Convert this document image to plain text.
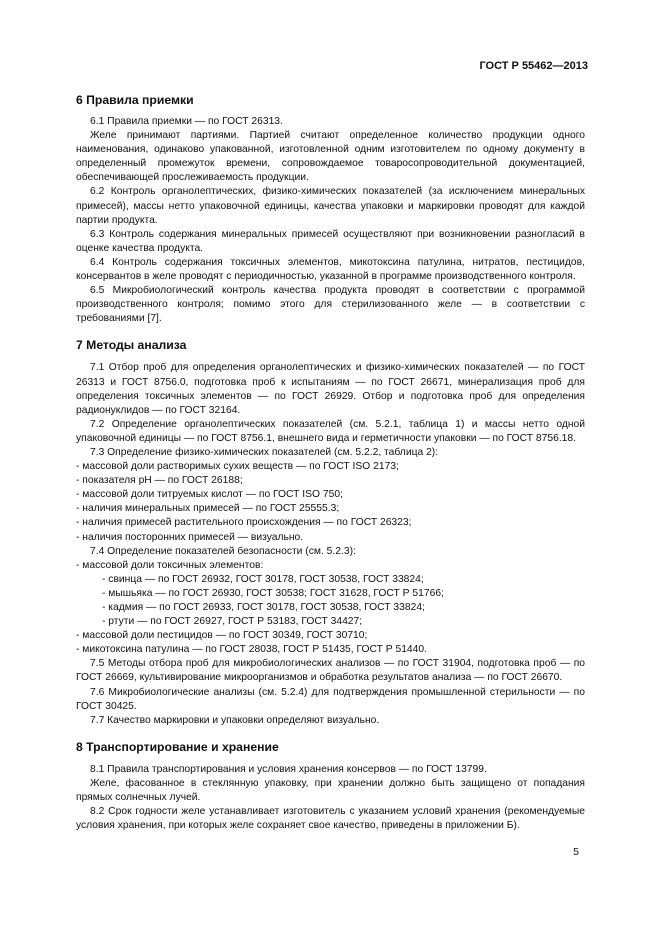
ГОСТ Р 55462—2013
6 Правила приемки

6.1 Правила приемки — по ГОСТ 26313.

Желе принимают партиями. Партией считают определенное количество продукции одного наименования, одинаково упакованной, изготовленной одним изготовителем по одному документу в определенный промежуток времени, сопровождаемое товаросопроводительной документацией, обеспечивающей прослеживаемость продукции.

6.2 Контроль органолептических, физико-химических показателей (за исключением минеральных примесей), массы нетто упаковочной единицы, качества упаковки и маркировки проводят для каждой партии продукта.

6.3 Контроль содержания минеральных примесей осуществляют при возникновении разногласий в оценке качества продукта.

6.4 Контроль содержания токсичных элементов, микотоксина патулина, нитратов, пестицидов, консервантов в желе проводят с периодичностью, указанной в программе производственного контроля.

6.5 Микробиологический контроль качества продукта проводят в соответствии с программой производственного контроля; помимо этого для стерилизованного желе — в соответствии с требованиями [7].

7 Методы анализа

7.1 Отбор проб для определения органолептических и физико-химических показателей — по ГОСТ 26313 и ГОСТ 8756.0, подготовка проб к испытаниям — по ГОСТ 26671, минерализация проб для определения токсичных элементов — по ГОСТ 26929. Отбор и подготовка проб для определения радионуклидов — по ГОСТ 32164.

7.2 Определение органолептических показателей (см. 5.2.1, таблица 1) и массы нетто одной упаковочной единицы — по ГОСТ 8756.1, внешнего вида и герметичности упаковки — по ГОСТ 8756.18.

7.3 Определение физико-химических показателей (см. 5.2.2, таблица 2):

- массовой доли растворимых сухих веществ — по ГОСТ ISO 2173;

- показателя pH — по ГОСТ 26188;

- массовой доли титруемых кислот — по ГОСТ ISO 750;

- наличия минеральных примесей — по ГОСТ 25555.3;

- наличия примесей растительного происхождения — по ГОСТ 26323;

- наличия посторонних примесей — визуально.

7.4 Определение показателей безопасности (см. 5.2.3):

- массовой доли токсичных элементов:

- свинца — по ГОСТ 26932, ГОСТ 30178, ГОСТ 30538, ГОСТ 33824;

- мышьяка — по ГОСТ 26930, ГОСТ 30538; ГОСТ 31628, ГОСТ Р 51766;

- кадмия — по ГОСТ 26933, ГОСТ 30178, ГОСТ 30538, ГОСТ 33824;

- ртути — по ГОСТ 26927, ГОСТ Р 53183, ГОСТ 34427;

- массовой доли пестицидов — по ГОСТ 30349, ГОСТ 30710;

- микотоксина патулина — по ГОСТ 28038, ГОСТ Р 51435, ГОСТ Р 51440.

7.5 Методы отбора проб для микробиологических анализов — по ГОСТ 31904, подготовка проб — по ГОСТ 26669, культивирование микроорганизмов и обработка результатов анализа — по ГОСТ 26670.

7.6 Микробиологические анализы (см. 5.2.4) для подтверждения промышленной стерильности — по ГОСТ 30425.

7.7 Качество маркировки и упаковки определяют визуально.

8 Транспортирование и хранение

8.1 Правила транспортирования и условия хранения консервов — по ГОСТ 13799.

Желе, фасованное в стеклянную упаковку, при хранении должно быть защищено от попадания прямых солнечных лучей.

8.2 Срок годности желе устанавливает изготовитель с указанием условий хранения (рекомендуемые условия хранения, при которых желе сохраняет свое качество, приведены в приложении Б).

5
